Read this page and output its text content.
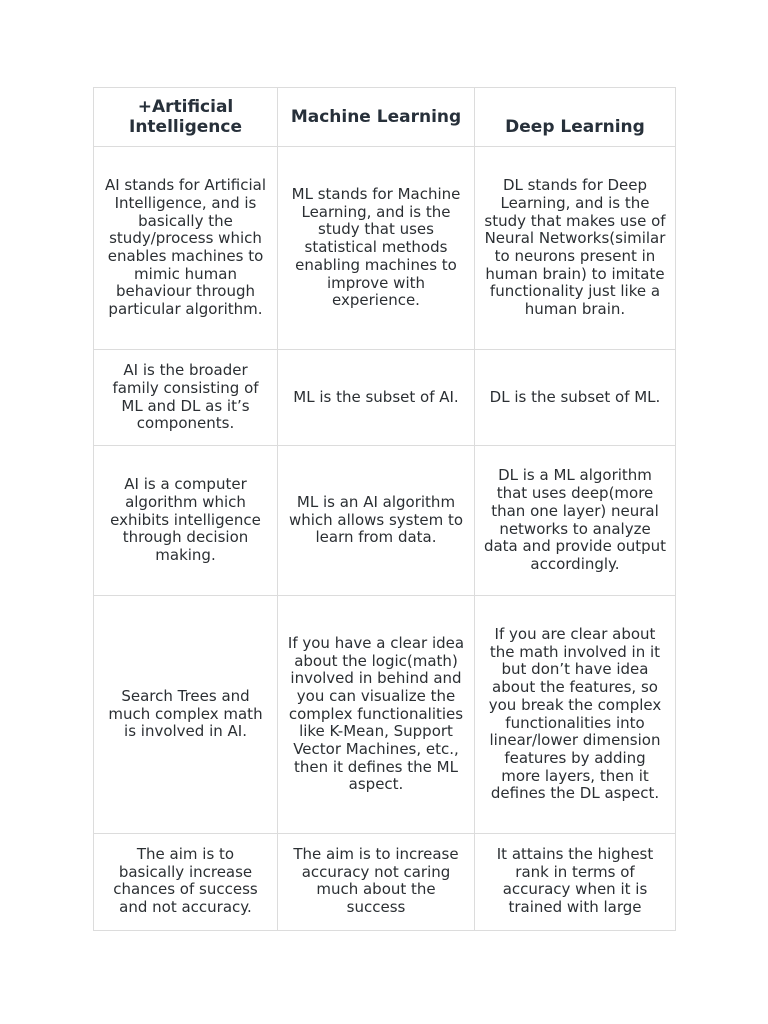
+Artificial Intelligence	Machine Learning	Deep Learning
AI stands for Artificial Intelligence, and is basically the study/process which enables machines to mimic human behaviour through particular algorithm.	ML stands for Machine Learning, and is the study that uses statistical methods enabling machines to improve with experience.	DL stands for Deep Learning, and is the study that makes use of Neural Networks(similar to neurons present in human brain) to imitate functionality just like a human brain.
AI is the broader family consisting of ML and DL as it’s components.	ML is the subset of AI.	DL is the subset of ML.
AI is a computer algorithm which exhibits intelligence through decision making.	ML is an AI algorithm which allows system to learn from data.	DL is a ML algorithm that uses deep(more than one layer) neural networks to analyze data and provide output accordingly.
Search Trees and much complex math is involved in AI.	If you have a clear idea about the logic(math) involved in behind and you can visualize the complex functionalities like K-Mean, Support Vector Machines, etc., then it defines the ML aspect.	If you are clear about the math involved in it but don’t have idea about the features, so you break the complex functionalities into linear/lower dimension features by adding more layers, then it defines the DL aspect.
The aim is to basically increase chances of success and not accuracy.	The aim is to increase accuracy not caring much about the success	It attains the highest rank in terms of accuracy when it is trained with large
